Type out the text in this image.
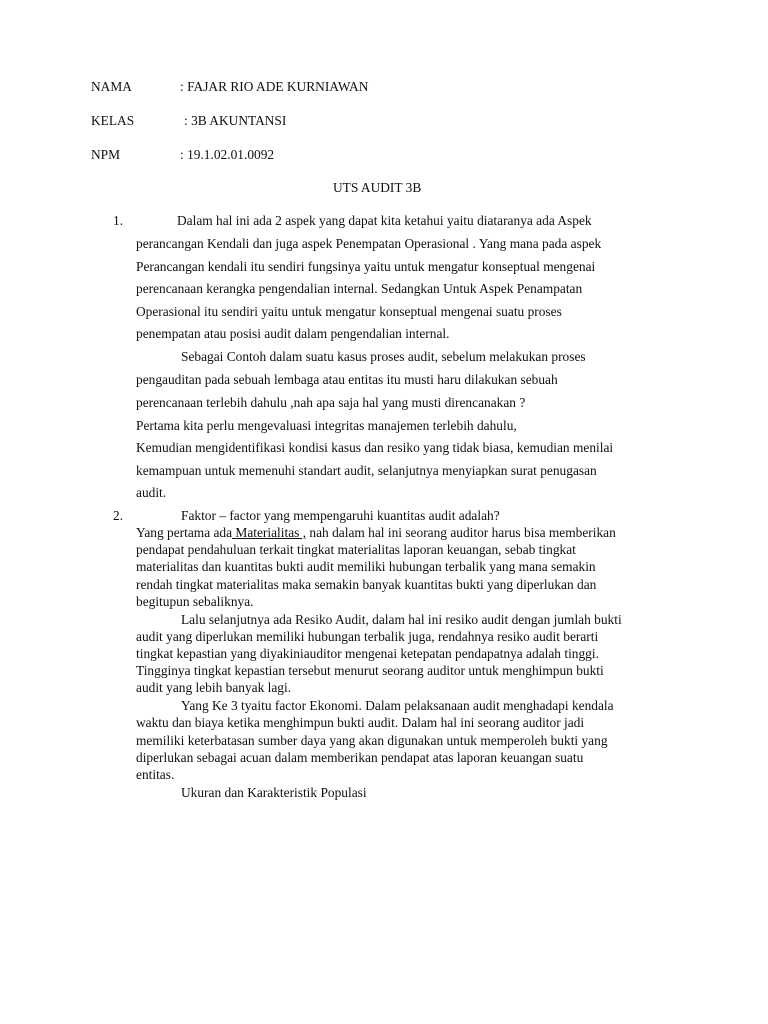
NAMA	: FAJAR RIO ADE KURNIAWAN
KELAS	: 3B AKUNTANSI
NPM	: 19.1.02.01.0092
UTS AUDIT 3B
1.	Dalam hal ini ada 2 aspek yang dapat kita ketahui yaitu diataranya ada Aspek
perancangan Kendali dan juga aspek Penempatan Operasional . Yang mana pada aspek
Perancangan kendali itu sendiri fungsinya yaitu untuk mengatur konseptual mengenai
perencanaan kerangka pengendalian internal. Sedangkan Untuk Aspek Penampatan
Operasional itu sendiri yaitu untuk mengatur konseptual mengenai suatu proses
penempatan atau posisi audit dalam pengendalian internal.
Sebagai Contoh dalam suatu kasus proses audit, sebelum melakukan proses
pengauditan pada sebuah lembaga atau entitas itu musti haru dilakukan sebuah
perencanaan terlebih dahulu ,nah apa saja hal yang musti direncanakan ?
Pertama kita perlu mengevaluasi integritas manajemen terlebih dahulu,
Kemudian mengidentifikasi kondisi kasus dan resiko yang tidak biasa, kemudian menilai
kemampuan untuk memenuhi standart audit, selanjutnya menyiapkan surat penugasan
audit.
2.	Faktor – factor yang mempengaruhi kuantitas audit adalah?
Yang pertama ada Materialitas , nah dalam hal ini seorang auditor harus bisa memberikan
pendapat pendahuluan terkait tingkat materialitas laporan keuangan, sebab tingkat
materialitas dan kuantitas bukti audit memiliki hubungan terbalik yang mana semakin
rendah tingkat materialitas maka semakin banyak kuantitas bukti yang diperlukan dan
begitupun sebaliknya.
Lalu selanjutnya ada Resiko Audit, dalam hal ini resiko audit dengan jumlah bukti
audit yang diperlukan memiliki hubungan terbalik juga, rendahnya resiko audit berarti
tingkat kepastian yang diyakiniauditor mengenai ketepatan pendapatnya adalah tinggi.
Tingginya tingkat kepastian tersebut menurut seorang auditor untuk menghimpun bukti
audit yang lebih banyak lagi.
Yang Ke 3 tyaitu factor Ekonomi. Dalam pelaksanaan audit menghadapi kendala
waktu dan biaya ketika menghimpun bukti audit. Dalam hal ini seorang auditor jadi
memiliki keterbatasan sumber daya yang akan digunakan untuk memperoleh bukti yang
diperlukan sebagai acuan dalam memberikan pendapat atas laporan keuangan suatu
entitas.
Ukuran dan Karakteristik Populasi
